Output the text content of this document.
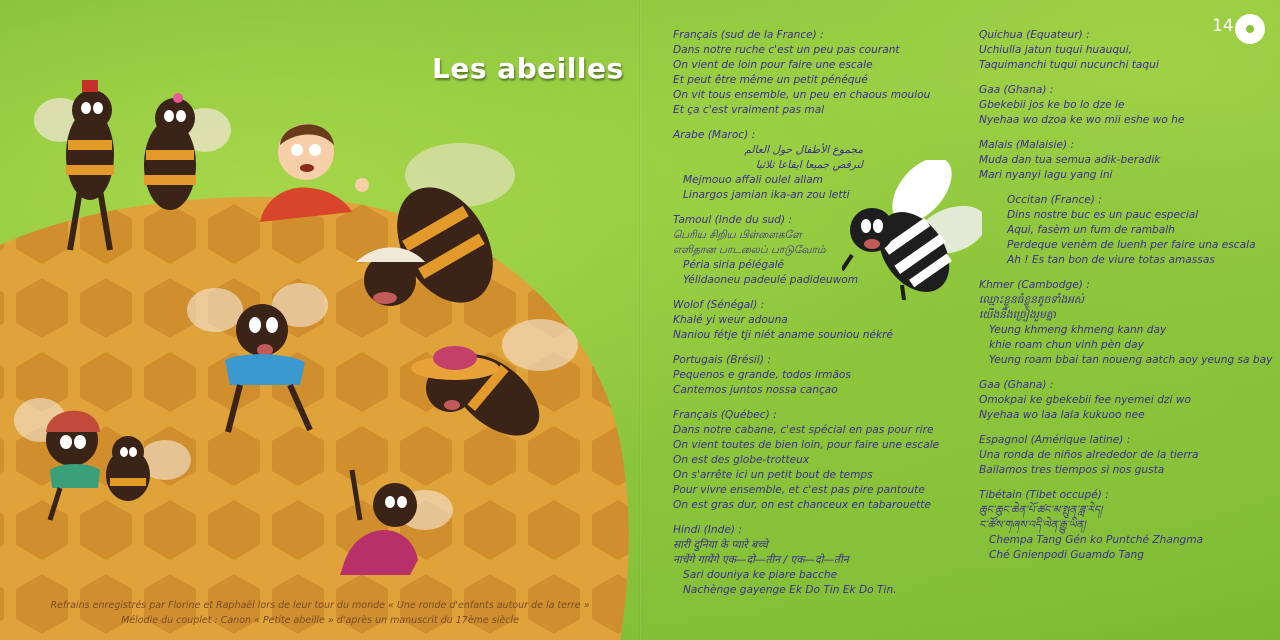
Les abeilles
Refrains enregistrés par Florine et Raphaël lors de leur tour du monde « Une ronde d'enfants autour de la terre »
Mélodie du couplet : Canon « Petite abeille » d'après un manuscrit du 17ème siècle
14
Français (sud de la France) :
Dans notre ruche c'est un peu pas courant
On vient de loin pour faire une escale
Et peut être même un petit pénéqué
On vit tous ensemble, un peu en chaous moulou
Et ça c'est vraiment pas mal
Arabe (Maroc) :
مجموع الأطفال حول العالم
لنرقص جميعا ايقاعا ثلاثيا
Mejmouo affali oulel allam
Linargos jamian ika-an zou letti
Tamoul (Inde du sud) :
பெரிய சிறிய பிள்ளைகளே
எளிதான பாடலைப் பாடுவோம்
Péria siria pélégalé
Yélidaoneu padeulé padideuwom
Wolof (Sénégal) :
Khalé yi weur adouna
Naniou fétje tji niét aname souniou nékré
Portugais (Brésil) :
Pequenos e grande, todos irmãos
Cantemos juntos nossa cançao
Français (Québec) :
Dans notre cabane, c'est spécial en pas pour rire
On vient toutes de bien loin, pour faire une escale
On est des globe-trotteux
On s'arrête ici un petit bout de temps
Pour vivre ensemble, et c'est pas pire pantoute
On est gras dur, on est chanceux en tabarouette
Hindi (Inde) :
सारी दुनिया के प्यारे बच्चे
नाचेंगे गायेंगे एक—दो—तीन / एक—दो—तीन
Sari douniya ke piare bacche
Nachènge gayenge Ek Do Tin Ek Do Tin.
Quichua (Equateur) :
Uchiulla jatun tuqui huauqui,
Taquimanchi tuqui nucunchi taqui
Gaa (Ghana) :
Gbekebii jos ke bo lo dze le
Nyehaa wo dzoa ke wo mii eshe wo he
Malais (Malaisie) :
Muda dan tua semua adik-beradik
Mari nyanyi lagu yang ini
Occitan (France) :
Dins nostre buc es un pauc especial
Aqui, fasèm un fum de rambalh
Perdeque venèm de luenh per faire una escala
Ah ! Es tan bon de viure totas amassas
Khmer (Cambodge) :
ឈ្មោះខ្លួនធំខ្លួនតូចទាំងអស់
យើងនឹងច្រៀងរួមគ្នា
Yeung khmeng khmeng kann day
khie roam chun vinh pèn day
Yeung roam bbai tan noueng aatch aoy yeung sa bay
Gaa (Ghana) :
Omokpai ke gbekebii fee nyemei dzi wo
Nyehaa wo laa lala kukuoo nee
Espagnol (Amérique latine) :
Una ronda de niños alrededor de la tierra
Bailamos tres tiempos si nos gusta
Tibétain (Tibet occupé) :
ཆུང་ཆུང་ཆེན་པོ་ཚང་མ་སྤུན་ཟླ་རེད།
ང་ཚོས་གཞས་འདི་ལེན་རྒྱུ་ཡིན།
Chempa Tang Gén ko Puntché Zhangma
Ché Gnienpodi Guamdo Tang
